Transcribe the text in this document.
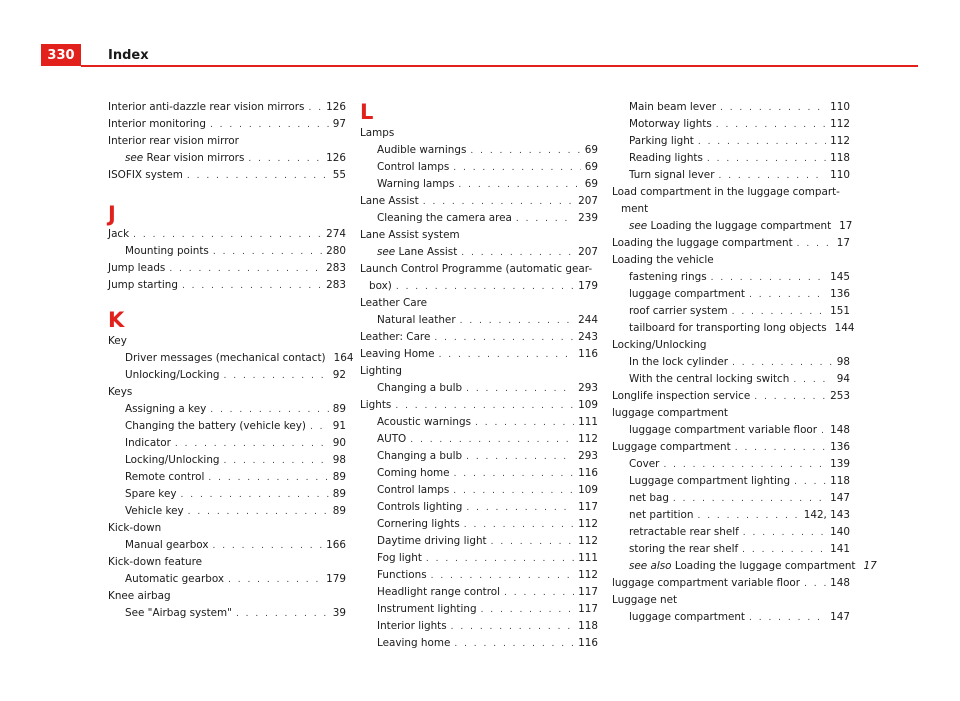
330	Index
Interior anti-dazzle rear vision mirrors . . . 126
Interior monitoring . . .	97
Interior rear vision mirror
see Rear vision mirrors . . .	126
ISOFIX system . . .	55
J
Jack . . .	274
Mounting points . . .	280
Jump leads . . .	283
Jump starting . . .	283
K
Key
Driver messages (mechanical contact) 164
Unlocking/Locking . . .	92
Keys
Assigning a key . . .	89
Changing the battery (vehicle key) . . .	91
Indicator . . .	90
Locking/Unlocking . . .	98
Remote control . . .	89
Spare key . . .	89
Vehicle key . . .	89
Kick-down
Manual gearbox . . .	166
Kick-down feature
Automatic gearbox . . .	179
Knee airbag
See "Airbag system" . . .	39
L
Lamps
Audible warnings . . .	69
Control lamps . . .	69
Warning lamps . . .	69
Lane Assist . . .	207
Cleaning the camera area . . .	239
Lane Assist system
see Lane Assist . . .	207
Launch Control Programme (automatic gear-
box) . . .	179
Leather Care
Natural leather . . .	244
Leather: Care . . .	243
Leaving Home . . .	116
Lighting
Changing a bulb . . .	293
Lights . . .	109
Acoustic warnings . . .	111
AUTO . . .	112
Changing a bulb . . .	293
Coming home . . .	116
Control lamps . . .	109
Controls lighting . . .	117
Cornering lights . . .	112
Daytime driving light . . .	112
Fog light . . .	111
Functions . . .	112
Headlight range control . . .	117
Instrument lighting . . .	117
Interior lights . . .	118
Leaving home . . .	116
Main beam lever . . .	110
Motorway lights . . .	112
Parking light . . .	112
Reading lights . . .	118
Turn signal lever . . .	110
Load compartment in the luggage compart-
ment
see Loading the luggage compartment 17
Loading the luggage compartment . . .	17
Loading the vehicle
fastening rings . . .	145
luggage compartment . . .	136
roof carrier system . . .	151
tailboard for transporting long objects 144
Locking/Unlocking
In the lock cylinder . . .	98
With the central locking switch . . .	94
Longlife inspection service . . .	253
luggage compartment
luggage compartment variable floor . . . 148
Luggage compartment . . .	136
Cover . . .	139
Luggage compartment lighting . . .	118
net bag . . .	147
net partition . . .	142, 143
retractable rear shelf . . .	140
storing the rear shelf . . .	141
see also Loading the luggage compartment 17
luggage compartment variable floor . . .	148
Luggage net
luggage compartment . . .	147
